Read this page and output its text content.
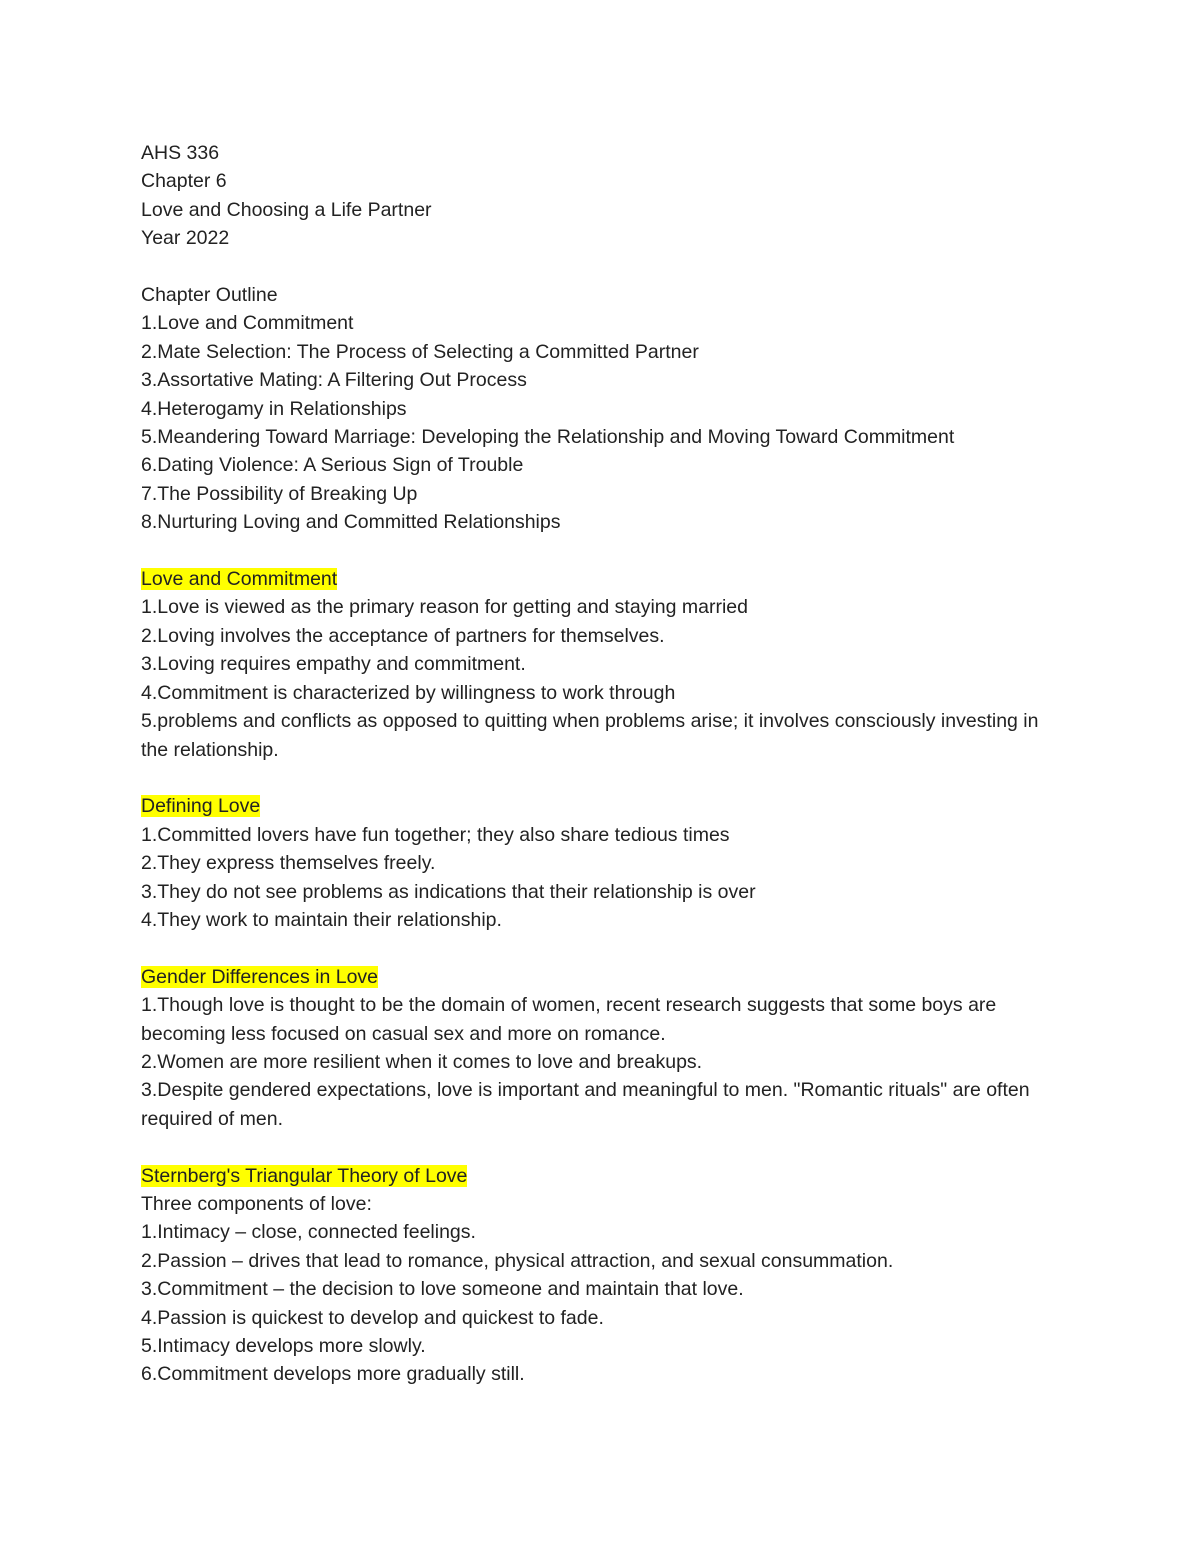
AHS 336
Chapter 6
Love and Choosing a Life Partner
Year 2022
Chapter Outline
1.Love and Commitment
2.Mate Selection: The Process of Selecting a Committed Partner
3.Assortative Mating: A Filtering Out Process
4.Heterogamy in Relationships
5.Meandering Toward Marriage: Developing the Relationship and Moving Toward Commitment
6.Dating Violence: A Serious Sign of Trouble
7.The Possibility of Breaking Up
8.Nurturing Loving and Committed Relationships
Love and Commitment
1.Love is viewed as the primary reason for getting and staying married
2.Loving involves the acceptance of partners for themselves.
3.Loving requires empathy and commitment.
4.Commitment is characterized by willingness to work through
5.problems and conflicts as opposed to quitting when problems arise; it involves consciously investing in the relationship.
Defining Love
1.Committed lovers have fun together; they also share tedious times
2.They express themselves freely.
3.They do not see problems as indications that their relationship is over
4.They work to maintain their relationship.
Gender Differences in Love
1.Though love is thought to be the domain of women, recent research suggests that some boys are becoming less focused on casual sex and more on romance.
2.Women are more resilient when it comes to love and breakups.
3.Despite gendered expectations, love is important and meaningful to men. "Romantic rituals" are often required of men.
Sternberg's Triangular Theory of Love
Three components of love:
1.Intimacy – close, connected feelings.
2.Passion – drives that lead to romance, physical attraction, and sexual consummation.
3.Commitment – the decision to love someone and maintain that love.
4.Passion is quickest to develop and quickest to fade.
5.Intimacy develops more slowly.
6.Commitment develops more gradually still.
